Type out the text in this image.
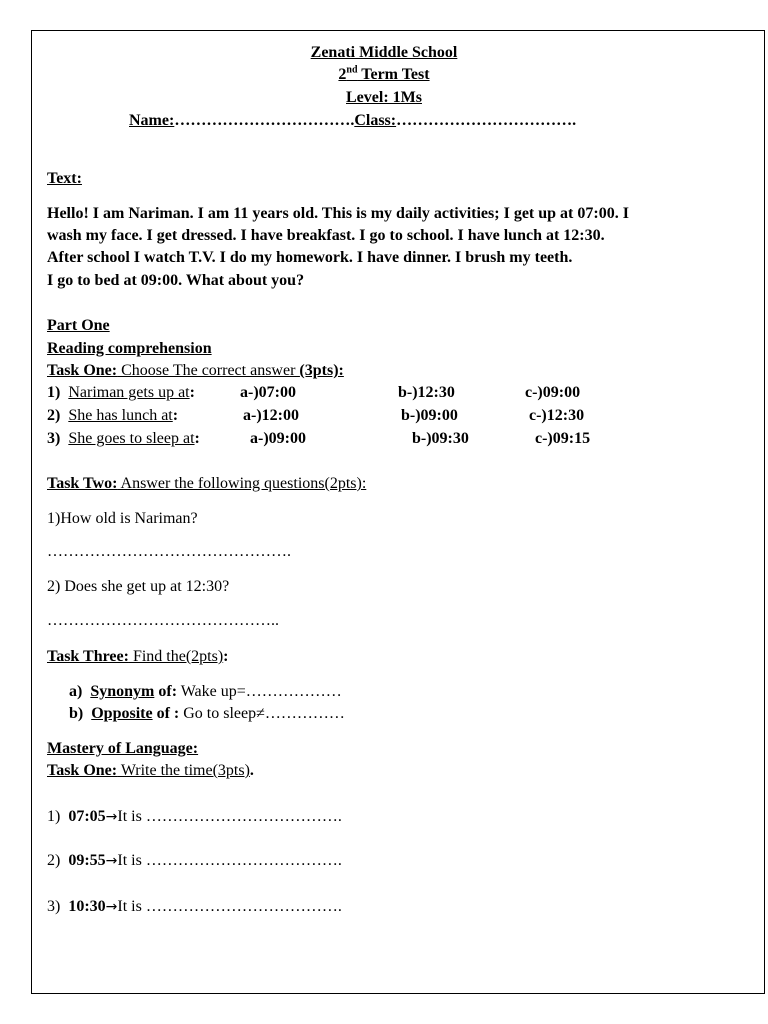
Zenati Middle School
2nd Term Test
Level: 1Ms
Name:…………………………….Class:…………………………….
Text:
Hello! I am Nariman. I am 11 years old. This is my daily activities; I get up at 07:00. I
wash my face. I get dressed. I have breakfast. I go to school. I have lunch at 12:30.
After school I watch T.V. I do my homework. I have dinner. I brush my teeth.
I go to bed at 09:00. What about you?
Part One
Reading comprehension
Task One: Choose The correct answer (3pts):
1) Nariman gets up at:	a-)07:00	b-)12:30	c-)09:00
2) She has lunch at:	a-)12:00	b-)09:00	c-)12:30
3) She goes to sleep at:	a-)09:00	b-)09:30	c-)09:15
Task Two: Answer the following questions(2pts):
1)How old is Nariman?
……………………………………….
2) Does she get up at 12:30?
……………………………………..
Task Three: Find the(2pts):
a) Synonym of: Wake up=………………
b) Opposite of : Go to sleep≠……………
Mastery of Language:
Task One: Write the time(3pts).
1) 07:05→It is ……………………………….
2) 09:55→It is ……………………………….
3) 10:30→It is ……………………………….
